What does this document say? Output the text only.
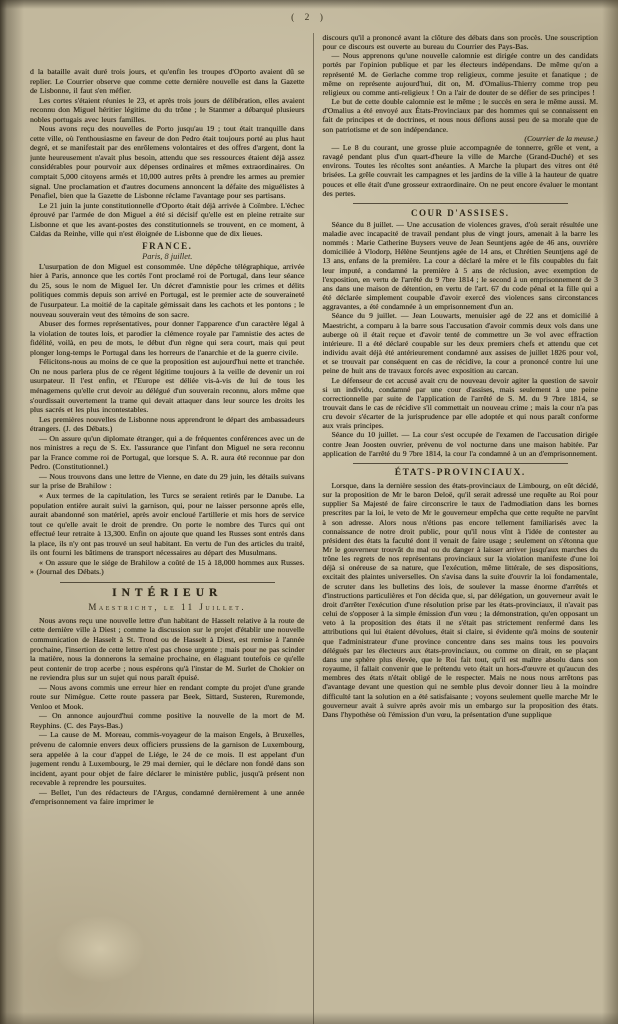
( 2 )

d la bataille avait duré trois jours, et qu'enfin les troupes d'Oporto avaient dû se replier. Le Courrier observe que comme cette dernière nouvelle est dans la Gazette de Lisbonne, il faut s'en méfier.

Les cortes s'étaient réunies le 23, et après trois jours de délibération, elles avaient reconnu don Miguel héritier légitime du du trône ; le Stanmer a débarqué plusieurs nobles portugais avec leurs familles.

Nous avons reçu des nouvelles de Porto jusqu'au 19 ; tout était tranquille dans cette ville, où l'enthousiasme en faveur de don Pedro était toujours porté au plus haut degré, et se manifestait par des enrôlemens volontaires et des offres d'argent, dont la junte heureusement n'avait plus besoin, attendu que ses ressources étaient déjà assez considérables pour pourvoir aux dépenses ordinaires et mêmes extraordinaires. On comptait 5,000 citoyens armés et 10,000 autres prêts à prendre les armes au premier signal. Une proclamation et d'autres documens annoncent la défaite des miguélistes à Penafiel, bien que la Gazette de Lisbonne réclame l'avantage pour ses partisans.

Le 21 juin la junte constitutionnelle d'Oporto était déjà arrivée à Coïmbre. L'échec éprouvé par l'armée de don Miguel a été si décisif qu'elle est en pleine retraite sur Lisbonne et que les avant-postes des constitutionnels se trouvent, en ce moment, à Caldas da Reinhe, ville qui n'est éloignée de Lisbonne que de dix lieues.

FRANCE.
Paris, 8 juillet.

L'usurpation de don Miguel est consommée. Une dépêche télégraphique, arrivée hier à Paris, annonce que les cortès l'ont proclamé roi de Portugal, dans leur séance du 25, sous le nom de Miguel Ier. Un décret d'amnistie pour les crimes et délits politiques commis depuis son arrivé en Portugal, est le premier acte de souveraineté de l'usurpateur. La moitié de la capitale gémissait dans les cachots et les pontons ; le nouveau souverain veut des témoins de son sacre.

Abuser des formes représentatives, pour donner l'apparence d'un caractère légal à la violation de toutes lois, et parodier la clémence royale par l'amnistie des actes de fidélité, voilà, en peu de mots, le début d'un règne qui sera court, mais qui peut plonger long-temps le Portugal dans les horreurs de l'anarchie et de la guerre civile.

Félicitons-nous au moins de ce que la proposition est aujourd'hui nette et tranchée. On ne nous parlera plus de ce régent légitime toujours à la veille de devenir un roi usurpateur. Il l'est enfin, et l'Europe est déliée vis-à-vis de lui de tous les ménagemens qu'elle crut devoir au délégué d'un souverain reconnu, alors même que s'ourdissait ouvertement la trame qui devait attaquer dans leur source les droits les plus sacrés et les plus incontestables.

Les premières nouvelles de Lisbonne nous apprendront le départ des ambassadeurs étrangers. (J. des Débats.)

— On assure qu'un diplomate étranger, qui a de fréquentes conférences avec un de nos ministres a reçu de S. Ex. l'assurance que l'infant don Miguel ne sera reconnu par la France comme roi de Portugal, que lorsque S. A. R. aura été reconnue par don Pedro. (Constitutionnel.)

— Nous trouvons dans une lettre de Vienne, en date du 29 juin, les détails suivans sur la prise de Brahilow :

« Aux termes de la capitulation, les Turcs se seraient retirés par le Danube. La population entière aurait suivi la garnison, qui, pour ne laisser personne après elle, aurait abandonné son matériel, après avoir encloué l'artillerie et mis hors de service tout ce qu'elle avait le droit de prendre. On porte le nombre des Turcs qui ont effectué leur retraite à 13,300. Enfin on ajoute que quand les Russes sont entrés dans la place, ils n'y ont pas trouvé un seul habitant. En vertu de l'un des articles du traité, ils ont fourni les bâtimens de transport nécessaires au départ des Musulmans.

« On assure que le siége de Brahilow a coûté de 15 à 18,000 hommes aux Russes. » (Journal des Débats.)

INTÉRIEUR
Maestricht, le 11 Juillet.

Nous avons reçu une nouvelle lettre d'un habitant de Hasselt relative à la route de cette dernière ville à Diest ; comme la discussion sur le projet d'établir une nouvelle communication de Hasselt à St. Trond ou de Hasselt à Diest, est remise à l'année prochaine, l'insertion de cette lettre n'est pas chose urgente ; mais pour ne pas scinder la matière, nous la donnerons la semaine prochaine, en élaguant toutefois ce qu'elle peut contenir de trop acerbe ; nous espérons qu'à l'instar de M. Surlet de Chokier on ne reviendra plus sur un sujet qui nous paraît épuisé.

— Nous avons commis une erreur hier en rendant compte du projet d'une grande route sur Nimègue. Cette route passera par Beek, Sittard, Susteren, Ruremonde, Venloo et Mook.

— On annonce aujourd'hui comme positive la nouvelle de la mort de M. Reyphins. (C. des Pays-Bas.)

— La cause de M. Moreau, commis-voyageur de la maison Engels, à Bruxelles, prévenu de calomnie envers deux officiers prussiens de la garnison de Luxembourg, sera appelée à la cour d'appel de Liége, le 24 de ce mois. Il est appelant d'un jugement rendu à Luxembourg, le 29 mai dernier, qui le déclare non fondé dans son incident, ayant pour objet de faire déclarer le ministère public, jusqu'à présent non recevable à reprendre les poursuites.

— Bellet, l'un des rédacteurs de l'Argus, condamné dernièrement à une année d'emprisonnement va faire imprimer le

discours qu'il a prononcé avant la clôture des débats dans son procès. Une souscription pour ce discours est ouverte au bureau du Courrier des Pays-Bas.

— Nous apprenons qu'une nouvelle calomnie est dirigée contre un des candidats portés par l'opinion publique et par les électeurs indépendans. De même qu'on a représenté M. de Gerlache comme trop religieux, comme jesuite et fanatique ; de même on représente aujourd'hui, dit on, M. d'Omalius-Thierry comme trop peu religieux ou comme anti-religieux ! On a l'air de douter de se défier de ses principes !

Le but de cette double calomnie est le même ; le succès en sera le même aussi. M. d'Omalius a été envoyé aux États-Provinciaux par des hommes qui se connaissent en fait de principes et de doctrines, et nous nous défions aussi peu de sa morale que de son patriotisme et de son indépendance.

(Courrier de la meuse.)

— Le 8 du courant, une grosse pluie accompagnée de tonnerre, grêle et vent, a ravagé pendant plus d'un quart-d'heure la ville de Marche (Grand-Duché) et ses environs. Toutes les récoltes sont anéanties. A Marche la plupart des vitres ont été brisées. La grêle couvrait les campagnes et les jardins de la ville à la hauteur de quatre pouces et elle était d'une grosseur extraordinaire. On ne peut encore évaluer le montant des pertes.

COUR D'ASSISES.

Séance du 8 juillet. — Une accusation de violences graves, d'où serait résultée une maladie avec incapacité de travail pendant plus de vingt jours, amenait à la barre les nommés : Marie Catherine Buysers veuve de Jean Seuntjens agée de 46 ans, ouvrière domiciliée à Vlodorp, Hélène Seuntjens agée de 14 ans, et Chrétien Seuntjens agé de 13 ans, enfans de la première. La cour a déclaré la mère et le fils coupables du fait leur imputé, a condamné la première à 5 ans de réclusion, avec exemption de l'exposition, en vertu de l'arrêté du 9 7bre 1814 ; le second à un emprisonnement de 3 ans dans une maison de détention, en vertu de l'art. 67 du code pénal et la fille qui a été déclarée simplement coupable d'avoir exercé des violences sans circonstances aggravantes, a été condamnée à un emprisonnement d'un an.

Séance du 9 juillet. — Jean Louwarts, menuisier agé de 22 ans et domicilié à Maestricht, a comparu à la barre sous l'accusation d'avoir commis deux vols dans une auberge où il était reçue et d'avoir tenté de commettre un 3e vol avec effraction intérieure. Il a été déclaré coupable sur les deux premiers chefs et attendu que cet individu avait déjà été antérieurement condamné aux assises de juillet 1826 pour vol, et se trouvait par conséquent en cas de récidive, la cour a prononcé contre lui une peine de huit ans de travaux forcés avec exposition au carcan.

Le défenseur de cet accusé avait cru de nouveau devoir agiter la question de savoir si un individu, condamné par une cour d'assises, mais seulement à une peine correctionnelle par suite de l'application de l'arrêté de S. M. du 9 7bre 1814, se trouvait dans le cas de récidive s'il commettait un nouveau crime ; mais la cour n'a pas cru devoir s'écarter de la jurisprudence par elle adoptée et qui nous paraît conforme aux vrais principes.

Séance du 10 juillet. — La cour s'est occupée de l'examen de l'accusation dirigée contre Jean Joosten ouvrier, prévenu de vol nocturne dans une maison habitée. Par application de l'arrêté du 9 7bre 1814, la cour l'a condamné à un an d'emprisonnement.

ÉTATS-PROVINCIAUX.

Lorsque, dans la dernière session des états-provinciaux de Limbourg, on eût décidé, sur la proposition de Mr le baron Deloë, qu'il serait adressé une requête au Roi pour supplier Sa Majesté de faire circonscrire le taux de l'admodiation dans les bornes prescrites par la loi, le veto de Mr le gouverneur empêcha que cette requête ne parvînt à son adresse. Alors nous n'étions pas encore tellement familiarisés avec la connaissance de notre droit public, pour qu'il nous vînt à l'idée de contester au président des états la faculté dont il venait de faire usage ; seulement on s'étonna que Mr le gouverneur trouvât du mal ou du danger à laisser arriver jusqu'aux marches du trône les regrets de nos représentans provinciaux sur la violation manifeste d'une loi déjà si onéreuse de sa nature, que l'exécution, même littérale, de ses dispositions, excitait des plaintes universelles. On s'avisa dans la suite d'ouvrir la loi fondamentale, de scruter dans les bulletins des lois, de soulever la masse énorme d'arrêtés et d'instructions particulières et l'on décida que, si, par délégation, un gouverneur avait le droit d'arrêter l'exécution d'une résolution prise par les états-provinciaux, il n'avait pas celui de s'opposer à la simple émission d'un vœu ; la démonstration, qu'en opposant un veto à la proposition des états il ne s'était pas strictement renfermé dans les attributions qui lui étaient dévolues, était si claire, si évidente qu'à moins de soutenir que l'administrateur d'une province concentre dans ses mains tous les pouvoirs délégués par les électeurs aux états-provinciaux, ou comme on dirait, en se plaçant dans une sphère plus élevée, que le Roi fait tout, qu'il est maître absolu dans son royaume, il fallait convenir que le prétendu veto était un hors-d'œuvre et qu'aucun des membres des états n'était obligé de le respecter. Mais ne nous nous arrêtons pas d'avantage devant une question qui ne semble plus devoir donner lieu à la moindre difficulté tant la solution en a été satisfaisante ; voyons seulement quelle marche Mr le gouverneur avait à suivre après avoir mis un embargo sur la proposition des états. Dans l'hypothèse où l'émission d'un vœu, la présentation d'une supplique
